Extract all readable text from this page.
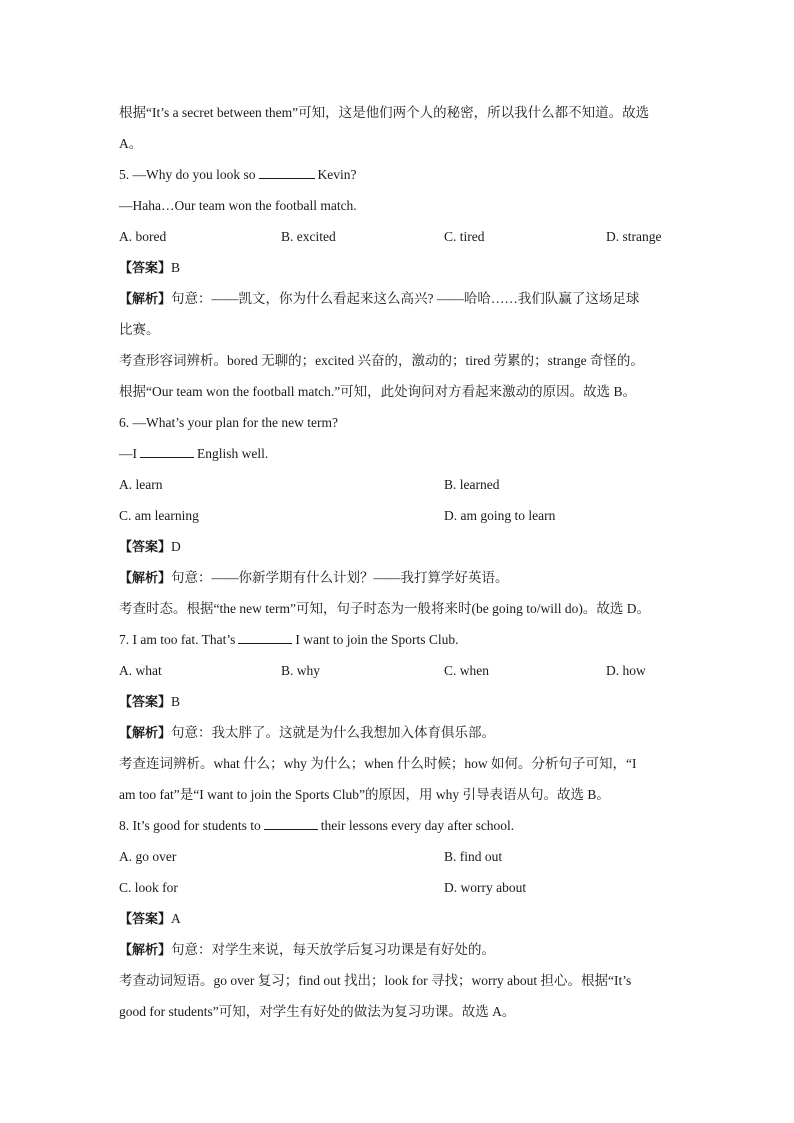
根据“It’s a secret between them”可知，这是他们两个人的秘密，所以我什么都不知道。故选
A。
5. —Why do you look so	Kevin?
—Haha…Our team won the football match.
A. bored	B. excited	C. tired	D. strange
【答案】B
【解析】句意：——凯文，你为什么看起来这么高兴? ——哈哈……我们队赢了这场足球
比赛。
考查形容词辨析。bored 无聊的；excited 兴奋的，激动的；tired 劳累的；strange 奇怪的。
根据“Our team won the football match.”可知，此处询问对方看起来激动的原因。故选 B。
6. —What’s your plan for the new term?
—I	English well.
A. learn	B. learned
C. am learning	D. am going to learn
【答案】D
【解析】句意：——你新学期有什么计划？——我打算学好英语。
考查时态。根据“the new term”可知，句子时态为一般将来时(be going to/will do)。故选 D。
7. I am too fat. That’s	I want to join the Sports Club.
A. what	B. why	C. when	D. how
【答案】B
【解析】句意：我太胖了。这就是为什么我想加入体育俱乐部。
考查连词辨析。what 什么；why 为什么；when 什么时候；how 如何。分析句子可知，“I
am too fat”是“I want to join the Sports Club”的原因，用 why 引导表语从句。故选 B。
8. It’s good for students to	their lessons every day after school.
A. go over	B. find out
C. look for	D. worry about
【答案】A
【解析】句意：对学生来说，每天放学后复习功课是有好处的。
考查动词短语。go over 复习；find out 找出；look for 寻找；worry about 担心。根据“It’s
good for students”可知，对学生有好处的做法为复习功课。故选 A。
